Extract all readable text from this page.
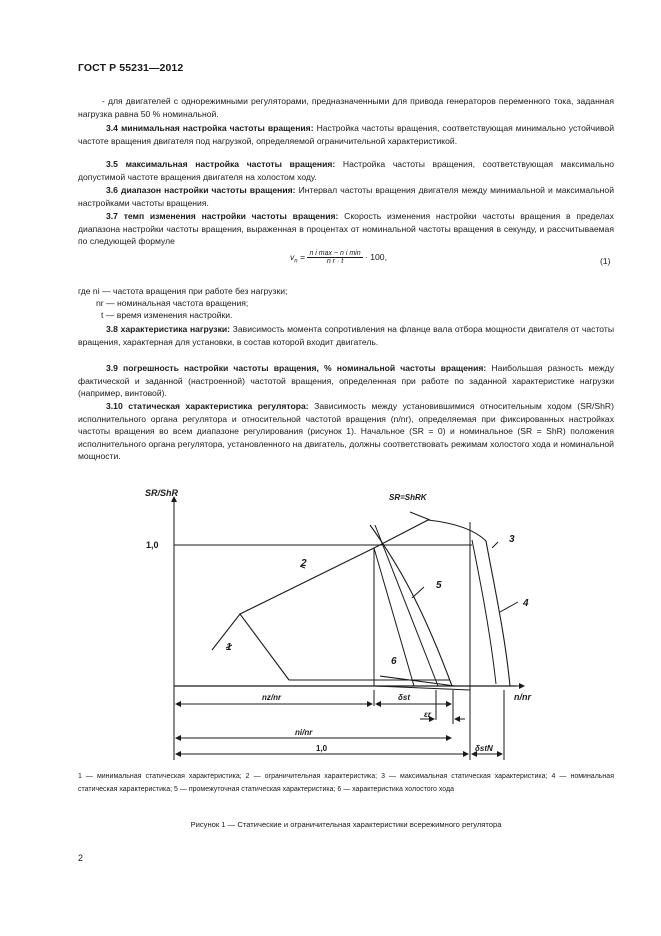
ГОСТ Р 55231—2012

- для двигателей с однорежимными регуляторами, предназначенными для привода генераторов переменного тока, заданная нагрузка равна 50 % номинальной.

3.4 минимальная настройка частоты вращения: Настройка частоты вращения, соответствующая минимально устойчивой частоте вращения двигателя под нагрузкой, определяемой ограничительной характеристикой.

3.5 максимальная настройка частоты вращения: Настройка частоты вращения, соответствующая максимально допустимой частоте вращения двигателя на холостом ходу.

3.6 диапазон настройки частоты вращения: Интервал частоты вращения двигателя между минимальной и максимальной настройками частоты вращения.

3.7 темп изменения настройки частоты вращения: Скорость изменения настройки частоты вращения в пределах диапазона настройки частоты вращения, выраженная в процентах от номинальной частоты вращения в секунду, и рассчитываемая по следующей формуле

$v_n = n$ i max − n i min
n r · t	· 100,	(1)
где ni — частота вращения при работе без нагрузки;
nr — номинальная частота вращения;
t — время изменения настройки.

3.8 характеристика нагрузки: Зависимость момента сопротивления на фланце вала отбора мощности двигателя от частоты вращения, характерная для установки, в состав которой входит двигатель.

3.9 погрешность настройки частоты вращения, % номинальной частоты вращения: Наибольшая разность между фактической и заданной (настроенной) частотой вращения, определенная при работе по заданной характеристике нагрузки (например, винтовой).

3.10 статическая характеристика регулятора: Зависимость между установившимися относительным ходом (SR/ShR) исполнительного органа регулятора и относительной частотой вращения (n/nr), определяемая при фиксированных настройках частоты вращения во всем диапазоне регулирования (рисунок 1). Начальное (SR = 0) и номинальное (SR = ShR) положения исполнительного органа регулятора, установленного на двигатель, должны соответствовать режимам холостого хода и номинальной мощности.

SR/ShR
n/nr
1,0
SR=ShRK
1
2
3
4
5
6
nz/nr	δst
εr
ni/nr
1,0	δstN
1 — минимальная статическая характеристика; 2 — ограничительная характеристика; 3 — максимальная статическая характеристика; 4 — номинальная статическая характеристика; 5 — промежуточная статическая характеристика; 6 — характеристика холостого хода
Рисунок 1 — Статические и ограничительная характеристики всережимного регулятора
2
